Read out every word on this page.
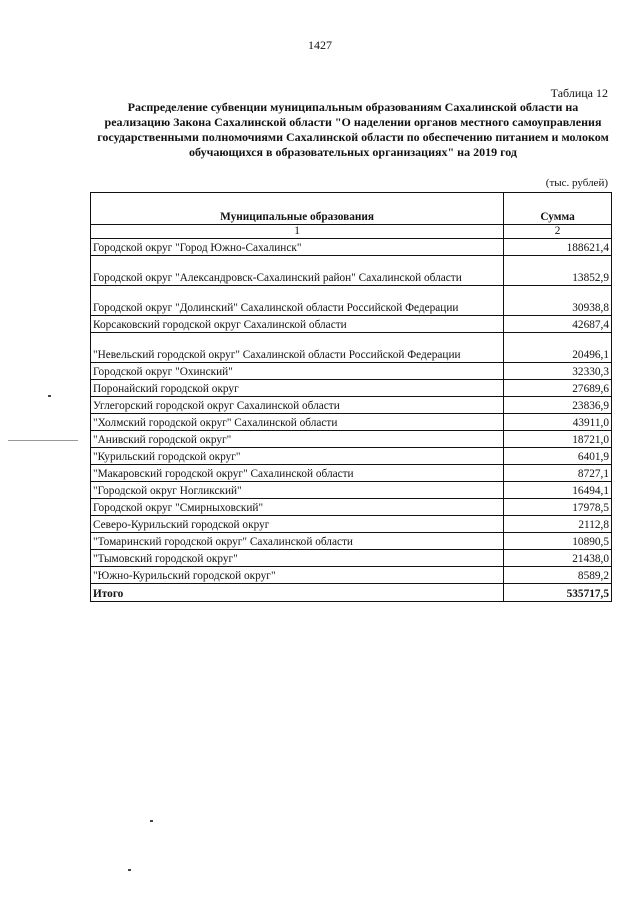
1427
Таблица 12
Распределение субвенции муниципальным образованиям Сахалинской области на реализацию Закона Сахалинской области "О наделении органов местного самоуправления государственными полномочиями Сахалинской области по обеспечению питанием и молоком обучающихся в образовательных организациях" на 2019 год
(тыс. рублей)
Муниципальные образования	Сумма
1	2
Городской округ "Город Южно-Сахалинск"	188621,4
Городской округ "Александровск-Сахалинский район" Сахалинской области	13852,9
Городской округ "Долинский" Сахалинской области Российской Федерации	30938,8
Корсаковский городской округ Сахалинской области	42687,4
"Невельский городской округ" Сахалинской области Российской Федерации	20496,1
Городской округ "Охинский"	32330,3
Поронайский городской округ	27689,6
Углегорский городской округ Сахалинской области	23836,9
"Холмский городской округ" Сахалинской области	43911,0
"Анивский городской округ"	18721,0
"Курильский городской округ"	6401,9
"Макаровский городской округ" Сахалинской области	8727,1
"Городской округ Ногликский"	16494,1
Городской округ "Смирныховский"	17978,5
Северо-Курильский городской округ	2112,8
"Томаринский городской округ" Сахалинской области	10890,5
"Тымовский городской округ"	21438,0
"Южно-Курильский городской округ"	8589,2
Итого	535717,5
